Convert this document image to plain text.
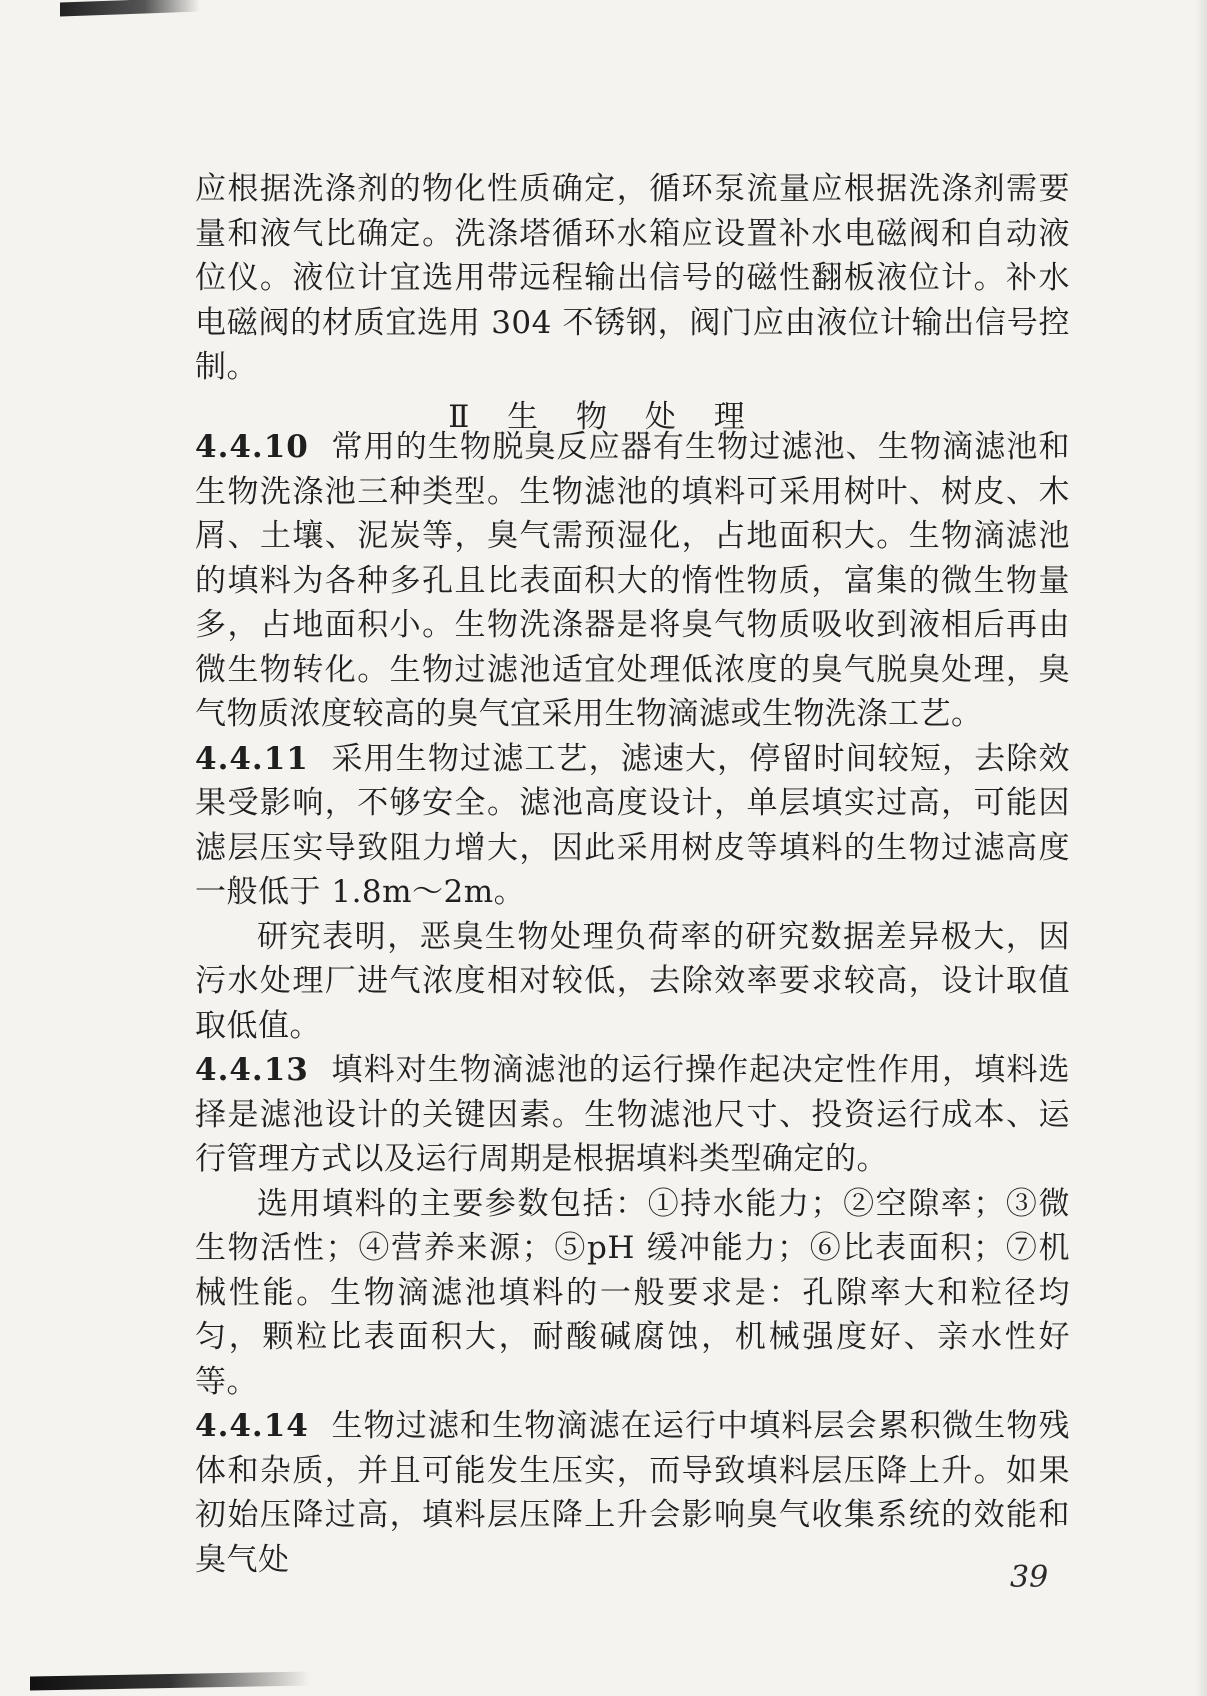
应根据洗涤剂的物化性质确定，循环泵流量应根据洗涤剂需要量和液气比确定。洗涤塔循环水箱应设置补水电磁阀和自动液位仪。液位计宜选用带远程输出信号的磁性翻板液位计。补水电磁阀的材质宜选用 304 不锈钢，阀门应由液位计输出信号控制。

Ⅱ 生 物 处 理

4.4.10 常用的生物脱臭反应器有生物过滤池、生物滴滤池和生物洗涤池三种类型。生物滤池的填料可采用树叶、树皮、木屑、土壤、泥炭等，臭气需预湿化，占地面积大。生物滴滤池的填料为各种多孔且比表面积大的惰性物质，富集的微生物量多，占地面积小。生物洗涤器是将臭气物质吸收到液相后再由微生物转化。生物过滤池适宜处理低浓度的臭气脱臭处理，臭气物质浓度较高的臭气宜采用生物滴滤或生物洗涤工艺。

4.4.11 采用生物过滤工艺，滤速大，停留时间较短，去除效果受影响，不够安全。滤池高度设计，单层填实过高，可能因滤层压实导致阻力增大，因此采用树皮等填料的生物过滤高度一般低于 1.8m～2m。

研究表明，恶臭生物处理负荷率的研究数据差异极大，因污水处理厂进气浓度相对较低，去除效率要求较高，设计取值取低值。

4.4.13 填料对生物滴滤池的运行操作起决定性作用，填料选择是滤池设计的关键因素。生物滤池尺寸、投资运行成本、运行管理方式以及运行周期是根据填料类型确定的。

选用填料的主要参数包括：①持水能力；②空隙率；③微生物活性；④营养来源；⑤pH 缓冲能力；⑥比表面积；⑦机械性能。生物滴滤池填料的一般要求是：孔隙率大和粒径均匀，颗粒比表面积大，耐酸碱腐蚀，机械强度好、亲水性好等。

4.4.14 生物过滤和生物滴滤在运行中填料层会累积微生物残体和杂质，并且可能发生压实，而导致填料层压降上升。如果初始压降过高，填料层压降上升会影响臭气收集系统的效能和臭气处	39
